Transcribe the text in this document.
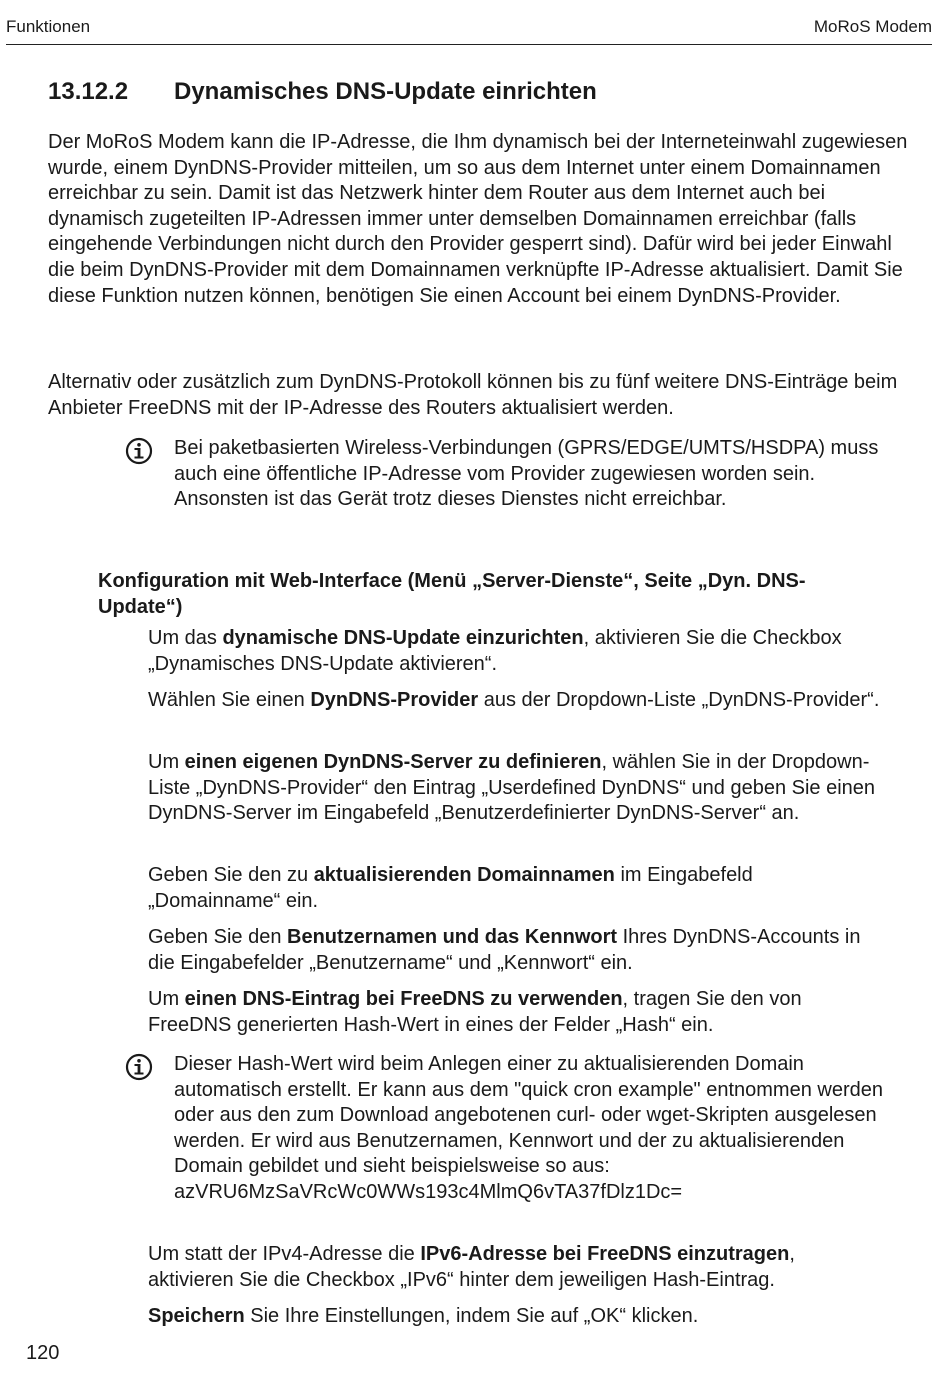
Funktionen	MoRoS Modem
13.12.2 Dynamisches DNS-Update einrichten

Der MoRoS Modem kann die IP-Adresse, die Ihm dynamisch bei der Interneteinwahl zugewiesen wurde, einem DynDNS-Provider mitteilen, um so aus dem Internet unter einem Domainnamen erreichbar zu sein. Damit ist das Netzwerk hinter dem Router aus dem Internet auch bei dynamisch zugeteilten IP-Adressen immer unter demselben Domainnamen erreichbar (falls eingehende Verbindungen nicht durch den Provider gesperrt sind). Dafür wird bei jeder Einwahl die beim DynDNS-Provider mit dem Domainnamen verknüpfte IP-Adresse aktualisiert. Damit Sie diese Funktion nutzen können, benötigen Sie einen Account bei einem DynDNS-Provider.

Alternativ oder zusätzlich zum DynDNS-Protokoll können bis zu fünf weitere DNS-Einträge beim Anbieter FreeDNS mit der IP-Adresse des Routers aktualisiert werden.

Bei paketbasierten Wireless-Verbindungen (GPRS/EDGE/UMTS/HSDPA) muss auch eine öffentliche IP-Adresse vom Provider zugewiesen worden sein. Ansonsten ist das Gerät trotz dieses Dienstes nicht erreichbar.

Konfiguration mit Web-Interface (Menü „Server-Dienste“, Seite „Dyn. DNS-Update“)

Um das dynamische DNS-Update einzurichten, aktivieren Sie die Checkbox „Dynamisches DNS-Update aktivieren“.

Wählen Sie einen DynDNS-Provider aus der Dropdown-Liste „DynDNS-Provider“.

Um einen eigenen DynDNS-Server zu definieren, wählen Sie in der Dropdown-Liste „DynDNS-Provider“ den Eintrag „Userdefined DynDNS“ und geben Sie einen DynDNS-Server im Eingabefeld „Benutzerdefinierter DynDNS-Server“ an.

Geben Sie den zu aktualisierenden Domainnamen im Eingabefeld „Domainname“ ein.

Geben Sie den Benutzernamen und das Kennwort Ihres DynDNS-Accounts in die Eingabefelder „Benutzername“ und „Kennwort“ ein.

Um einen DNS-Eintrag bei FreeDNS zu verwenden, tragen Sie den von FreeDNS generierten Hash-Wert in eines der Felder „Hash“ ein.

Dieser Hash-Wert wird beim Anlegen einer zu aktualisierenden Domain automatisch erstellt. Er kann aus dem "quick cron example" entnommen werden oder aus den zum Download angebotenen curl- oder wget-Skripten ausgelesen werden. Er wird aus Benutzernamen, Kennwort und der zu aktualisierenden Domain gebildet und sieht beispielsweise so aus: azVRU6MzSaVRcWc0WWs193c4MlmQ6vTA37fDlz1Dc=

Um statt der IPv4-Adresse die IPv6-Adresse bei FreeDNS einzutragen, aktivieren Sie die Checkbox „IPv6“ hinter dem jeweiligen Hash-Eintrag.

Speichern Sie Ihre Einstellungen, indem Sie auf „OK“ klicken.

120
